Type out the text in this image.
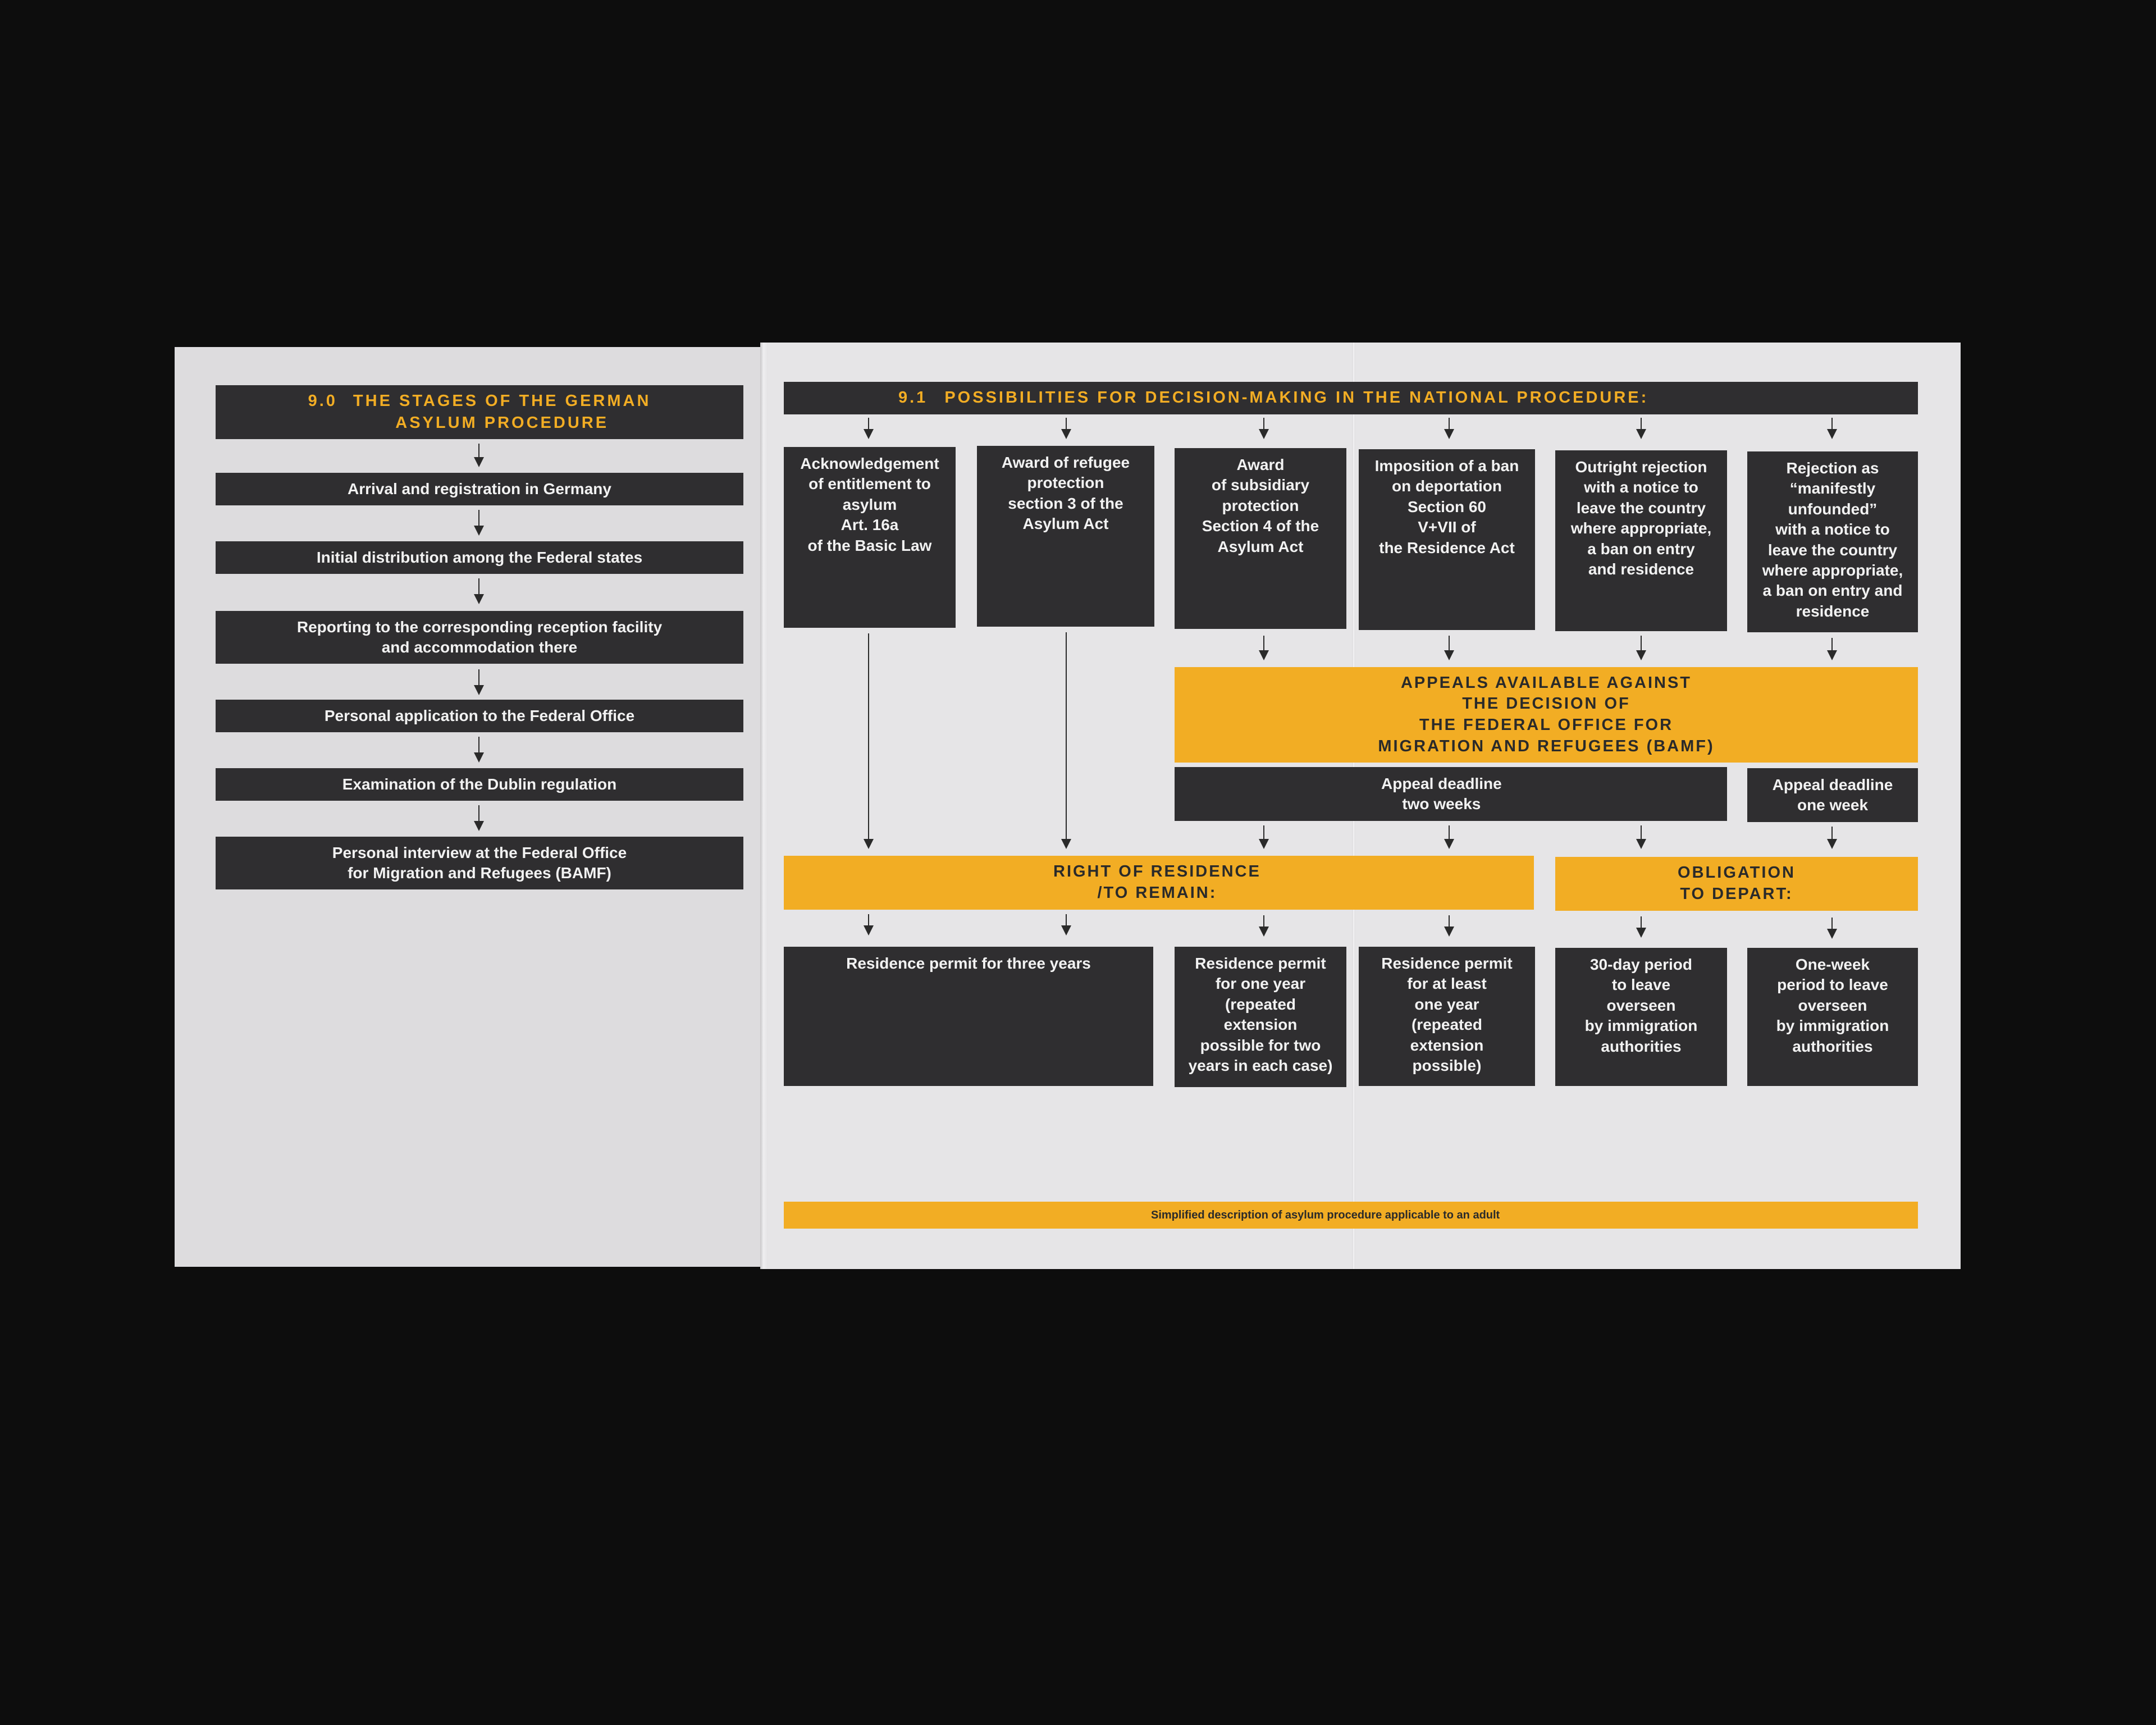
9.0 THE STAGES OF THE GERMAN
ASYLUM PROCEDURE
Arrival and registration in Germany
Initial distribution among the Federal states
Reporting to the corresponding reception facility
and accommodation there
Personal application to the Federal Office
Examination of the Dublin regulation
Personal interview at the Federal Office
for Migration and Refugees (BAMF)
9.1 POSSIBILITIES FOR DECISION-MAKING IN THE NATIONAL PROCEDURE:
Acknowledgement
of entitlement to
asylum
Art. 16a
of the Basic Law
Award of refugee
protection
section 3 of the
Asylum Act
Award
of subsidiary
protection
Section 4 of the
Asylum Act
Imposition of a ban
on deportation
Section 60
V+VII of
the Residence Act
Outright rejection
with a notice to
leave the country
where appropriate,
a ban on entry
and residence
Rejection as
“manifestly
unfounded”
with a notice to
leave the country
where appropriate,
a ban on entry and
residence
APPEALS AVAILABLE AGAINST
THE DECISION OF
THE FEDERAL OFFICE FOR
MIGRATION AND REFUGEES (BAMF)
Appeal deadline
two weeks
Appeal deadline
one week
RIGHT OF RESIDENCE
/TO REMAIN:
OBLIGATION
TO DEPART:
Residence permit for three years	Residence permit
for one year
(repeated
extension
possible for two
years in each case)
Residence permit
for at least
one year
(repeated
extension
possible)
30-day period
to leave
overseen
by immigration
authorities
One-week
period to leave
overseen
by immigration
authorities
Simplified description of asylum procedure applicable to an adult
